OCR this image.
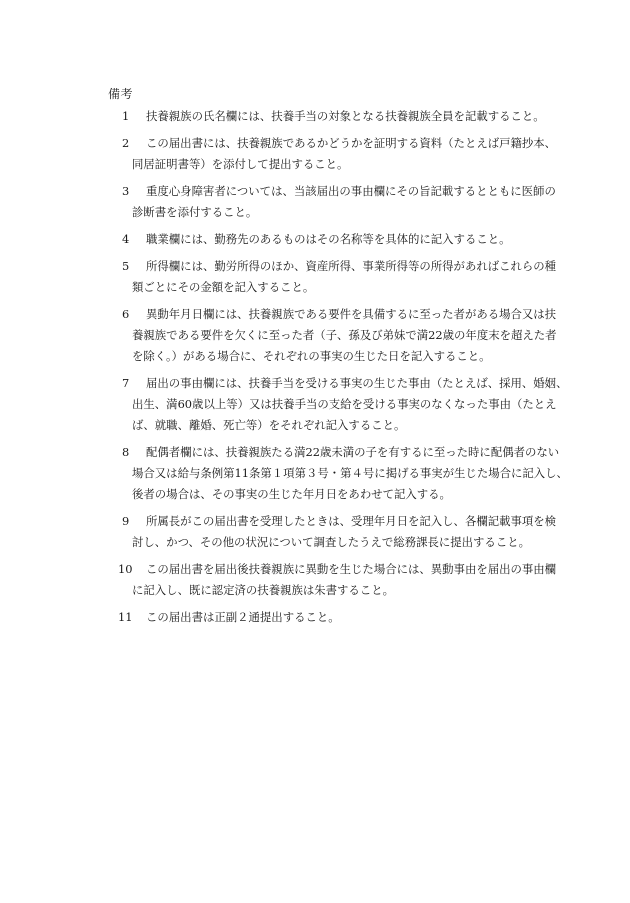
備考
1	扶養親族の氏名欄には、扶養手当の対象となる扶養親族全員を記載すること。
2	この届出書には、扶養親族であるかどうかを証明する資料（たとえば戸籍抄本、
同居証明書等）を添付して提出すること。
3	重度心身障害者については、当該届出の事由欄にその旨記載するとともに医師の
診断書を添付すること。
4	職業欄には、勤務先のあるものはその名称等を具体的に記入すること。
5	所得欄には、勤労所得のほか、資産所得、事業所得等の所得があればこれらの種
類ごとにその金額を記入すること。
6	異動年月日欄には、扶養親族である要件を具備するに至った者がある場合又は扶
養親族である要件を欠くに至った者（子、孫及び弟妹で満22歳の年度末を超えた者
を除く。）がある場合に、それぞれの事実の生じた日を記入すること。
7	届出の事由欄には、扶養手当を受ける事実の生じた事由（たとえば、採用、婚姻、
出生、満60歳以上等）又は扶養手当の支給を受ける事実のなくなった事由（たとえ
ば、就職、離婚、死亡等）をそれぞれ記入すること。
8	配偶者欄には、扶養親族たる満22歳未満の子を有するに至った時に配偶者のない
場合又は給与条例第11条第１項第３号・第４号に掲げる事実が生じた場合に記入し、
後者の場合は、その事実の生じた年月日をあわせて記入する。
9	所属長がこの届出書を受理したときは、受理年月日を記入し、各欄記載事項を検
討し、かつ、その他の状況について調査したうえで総務課長に提出すること。
10	この届出書を届出後扶養親族に異動を生じた場合には、異動事由を届出の事由欄
に記入し、既に認定済の扶養親族は朱書すること。
11	この届出書は正副２通提出すること。
